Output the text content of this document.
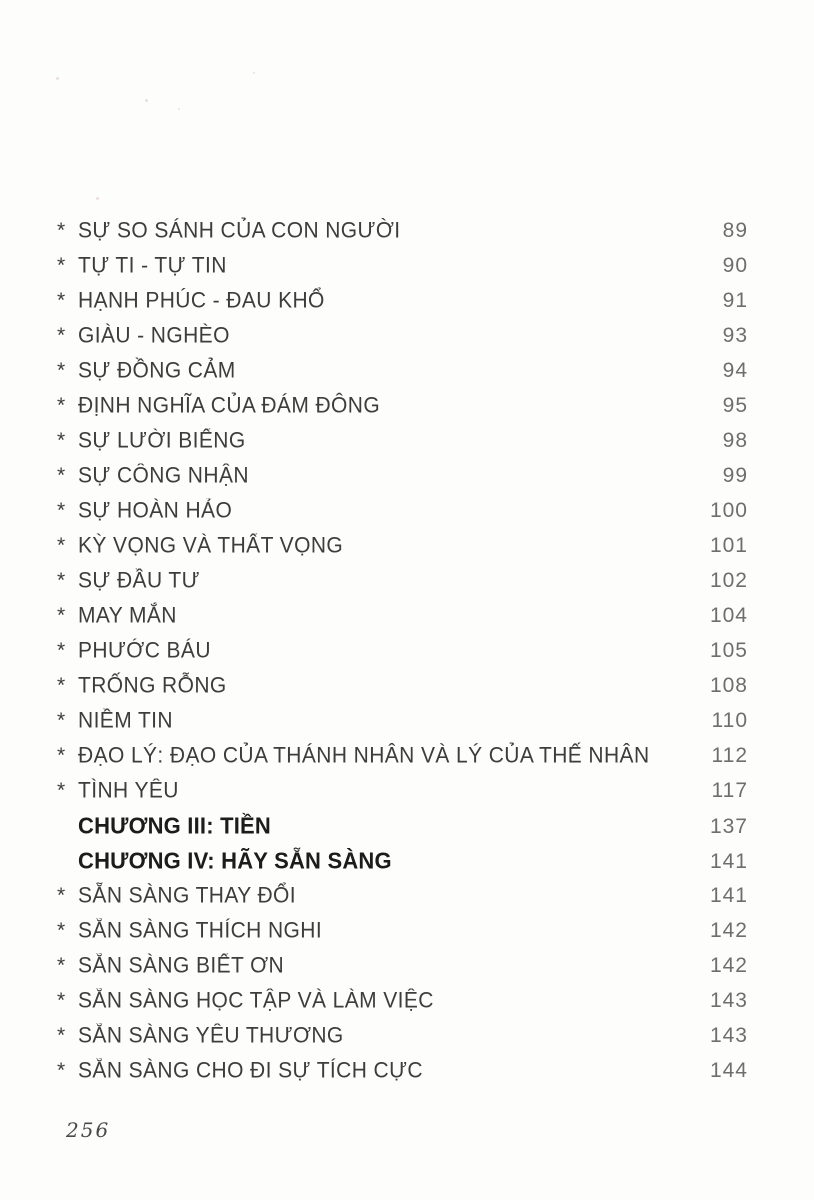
* SỰ SO SÁNH CỦA CON NGƯỜI	89
* TỰ TI - TỰ TIN	90
* HẠNH PHÚC - ĐAU KHỔ	91
* GIÀU - NGHÈO	93
* SỰ ĐỒNG CẢM	94
* ĐỊNH NGHĨA CỦA ĐÁM ĐÔNG	95
* SỰ LƯỜI BIẾNG	98
* SỰ CÔNG NHẬN	99
* SỰ HOÀN HẢO	100
* KỲ VỌNG VÀ THẤT VỌNG	101
* SỰ ĐẦU TƯ	102
* MAY MẮN	104
* PHƯỚC BÁU	105
* TRỐNG RỖNG	108
* NIỀM TIN	110
* ĐẠO LÝ: ĐẠO CỦA THÁNH NHÂN VÀ LÝ CỦA THẾ NHÂN	112
* TÌNH YÊU	117
CHƯƠNG III: TIỀN	137
CHƯƠNG IV: HÃY SẴN SÀNG	141
* SẴN SÀNG THAY ĐỔI	141
* SẴN SÀNG THÍCH NGHI	142
* SẴN SÀNG BIẾT ƠN	142
* SẴN SÀNG HỌC TẬP VÀ LÀM VIỆC	143
* SẴN SÀNG YÊU THƯƠNG	143
* SẴN SÀNG CHO ĐI SỰ TÍCH CỰC	144
256
